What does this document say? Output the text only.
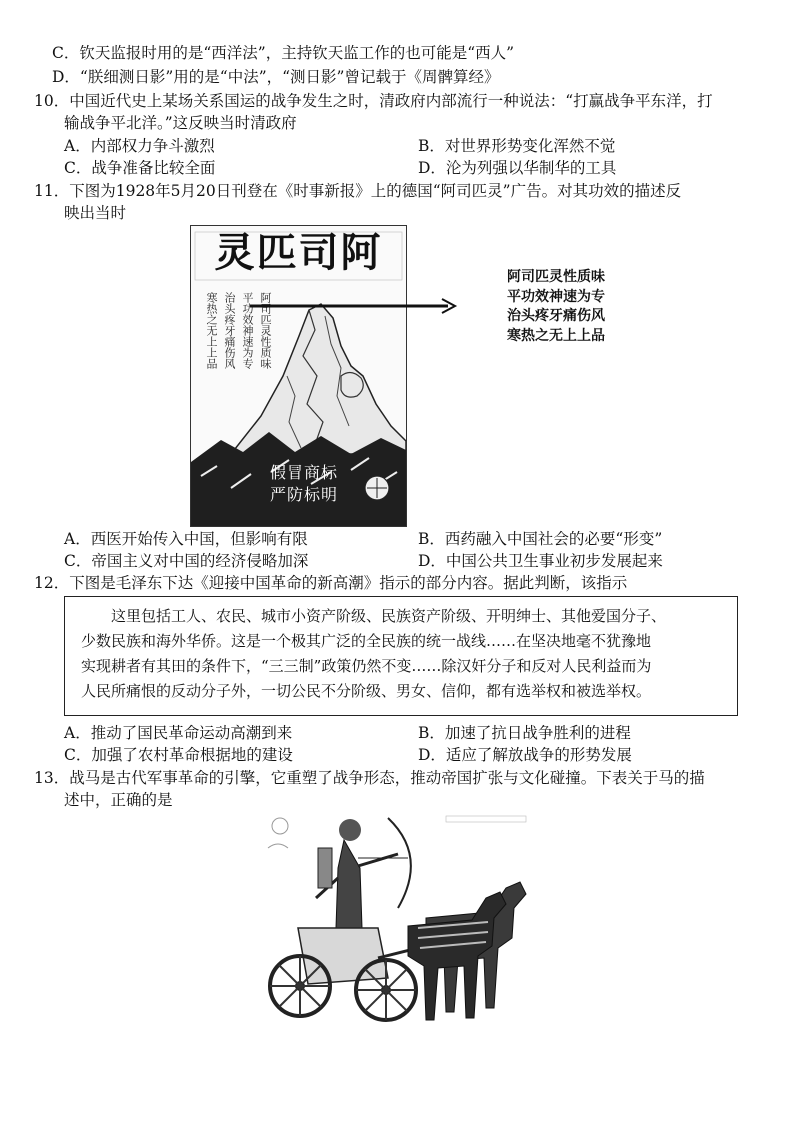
C．钦天监报时用的是“西洋法”，主持钦天监工作的也可能是“西人”
D．“朕细测日影”用的是“中法”，“测日影”曾记载于《周髀算经》
10．中国近代史上某场关系国运的战争发生之时，清政府内部流行一种说法：“打赢战争平东洋，打
输战争平北洋。”这反映当时清政府
A．内部权力争斗激烈	B．对世界形势变化浑然不觉
C．战争准备比较全面	D．沦为列强以华制华的工具
11．下图为1928年5月20日刊登在《时事新报》上的德国“阿司匹灵”广告。对其功效的描述反
映出当时
灵匹司阿
阿司匹灵性质味
平功效神速为专
治头疼牙痛伤风
寒热之无上上品
假冒商标
严防标明
阿司匹灵性质味
平功效神速为专
治头疼牙痛伤风
寒热之无上上品
A．西医开始传入中国，但影响有限	B．西药融入中国社会的必要“形变”
C．帝国主义对中国的经济侵略加深	D．中国公共卫生事业初步发展起来
12．下图是毛泽东下达《迎接中国革命的新高潮》指示的部分内容。据此判断，该指示
　　这里包括工人、农民、城市小资产阶级、民族资产阶级、开明绅士、其他爱国分子、
少数民族和海外华侨。这是一个极其广泛的全民族的统一战线……在坚决地毫不犹豫地
实现耕者有其田的条件下，“三三制”政策仍然不变……除汉奸分子和反对人民利益而为
人民所痛恨的反动分子外，一切公民不分阶级、男女、信仰，都有选举权和被选举权。
A．推动了国民革命运动高潮到来	B．加速了抗日战争胜利的进程
C．加强了农村革命根据地的建设	D．适应了解放战争的形势发展
13．战马是古代军事革命的引擎，它重塑了战争形态，推动帝国扩张与文化碰撞。下表关于马的描
述中，正确的是
